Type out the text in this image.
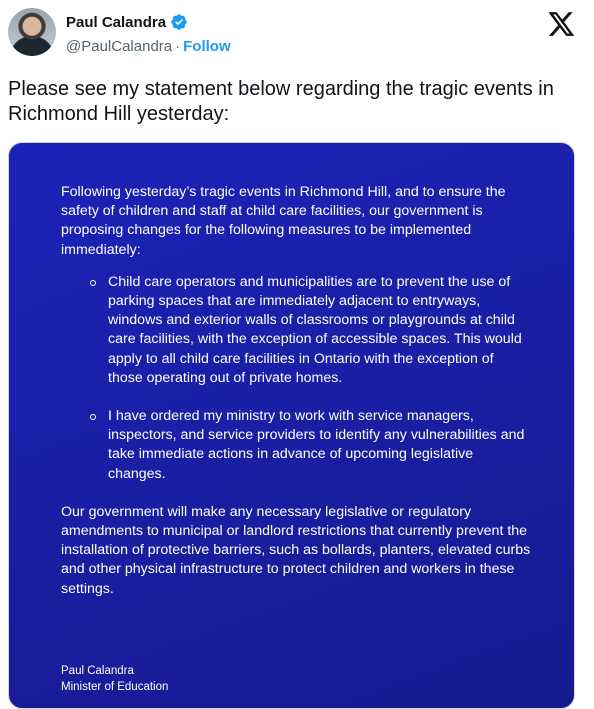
Paul Calandra
@PaulCalandra · Follow
Please see my statement below regarding the tragic events in Richmond Hill yesterday:

Following yesterday’s tragic events in Richmond Hill, and to ensure the safety of children and staff at child care facilities, our government is proposing changes for the following measures to be implemented immediately:

Child care operators and municipalities are to prevent the use of parking spaces that are immediately adjacent to entryways, windows and exterior walls of classrooms or playgrounds at child care facilities, with the exception of accessible spaces. This would apply to all child care facilities in Ontario with the exception of those operating out of private homes.
I have ordered my ministry to work with service managers, inspectors, and service providers to identify any vulnerabilities and take immediate actions in advance of upcoming legislative changes.

Our government will make any necessary legislative or regulatory amendments to municipal or landlord restrictions that currently prevent the installation of protective barriers, such as bollards, planters, elevated curbs and other physical infrastructure to protect children and workers in these settings.

Paul Calandra
Minister of Education
